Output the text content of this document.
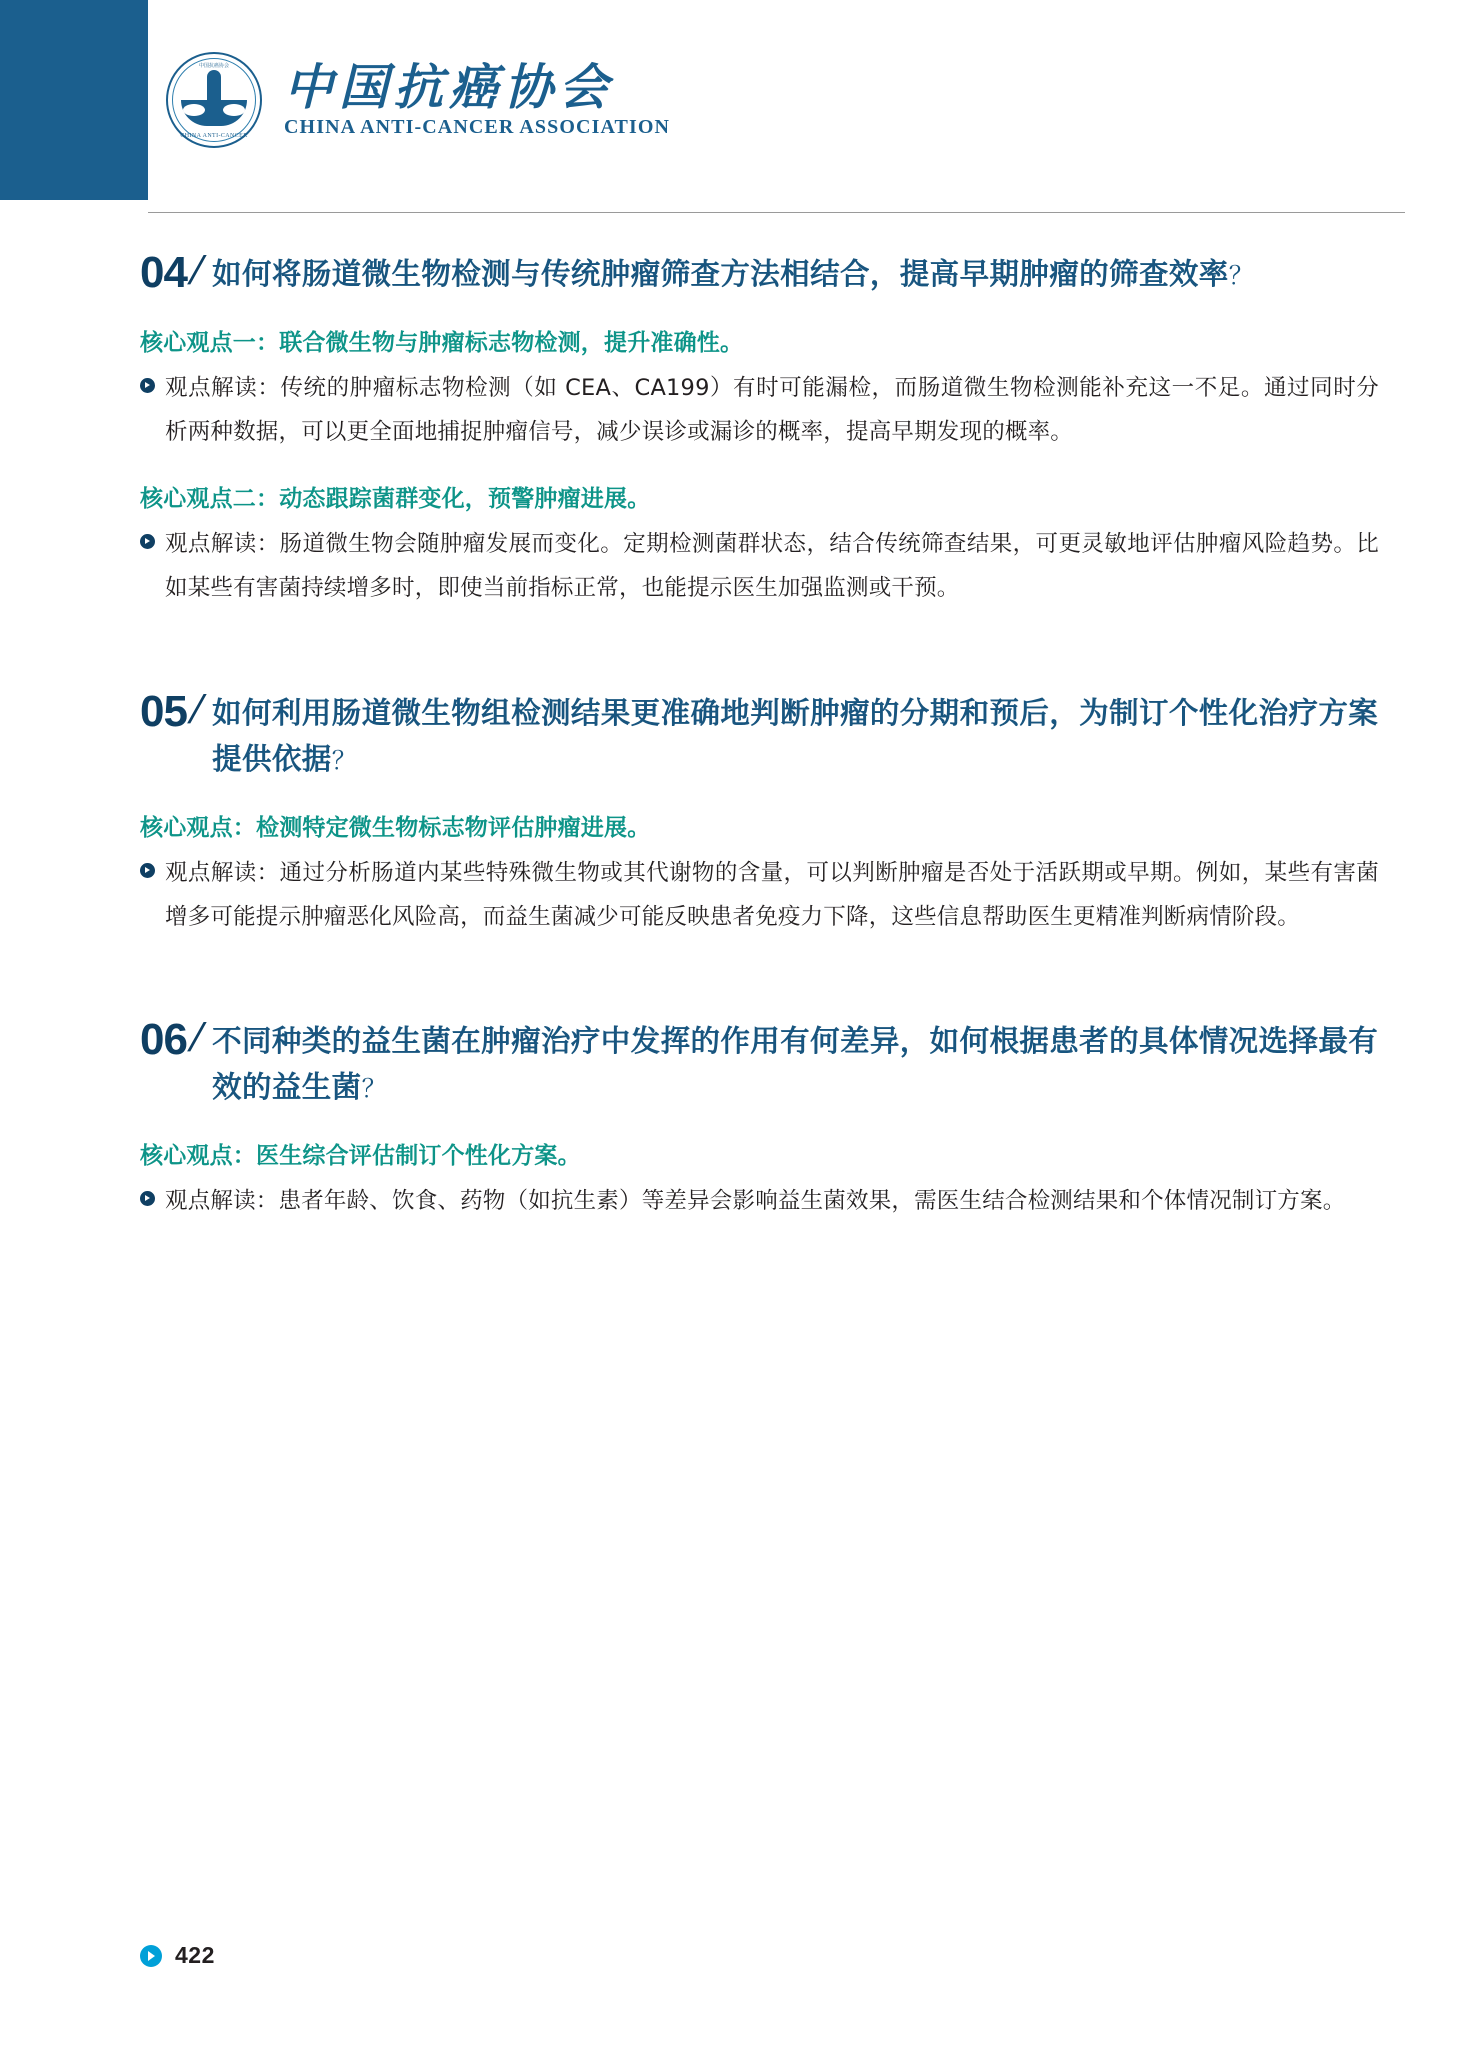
中国抗癌协会
CHINA ANTI-CANCER
中国抗癌协会
CHINA ANTI-CANCER ASSOCIATION
04
/ 如何将肠道微生物检测与传统肿瘤筛查方法相结合，提高早期肿瘤的筛查效率？
核心观点一：联合微生物与肿瘤标志物检测，提升准确性。
观点解读：传统的肿瘤标志物检测（如 CEA、CA199）有时可能漏检，而肠道微生物检测能补充这一不足。通过同时分析两种数据，可以更全面地捕捉肿瘤信号，减少误诊或漏诊的概率，提高早期发现的概率。
核心观点二：动态跟踪菌群变化，预警肿瘤进展。
观点解读：肠道微生物会随肿瘤发展而变化。定期检测菌群状态，结合传统筛查结果，可更灵敏地评估肿瘤风险趋势。比如某些有害菌持续增多时，即使当前指标正常，也能提示医生加强监测或干预。
05
/ 如何利用肠道微生物组检测结果更准确地判断肿瘤的分期和预后，为制订个性化治疗方案提供依据？
核心观点：检测特定微生物标志物评估肿瘤进展。
观点解读：通过分析肠道内某些特殊微生物或其代谢物的含量，可以判断肿瘤是否处于活跃期或早期。例如，某些有害菌增多可能提示肿瘤恶化风险高，而益生菌减少可能反映患者免疫力下降，这些信息帮助医生更精准判断病情阶段。
06
/ 不同种类的益生菌在肿瘤治疗中发挥的作用有何差异，如何根据患者的具体情况选择最有效的益生菌？
核心观点：医生综合评估制订个性化方案。
观点解读：患者年龄、饮食、药物（如抗生素）等差异会影响益生菌效果，需医生结合检测结果和个体情况制订方案。
422
